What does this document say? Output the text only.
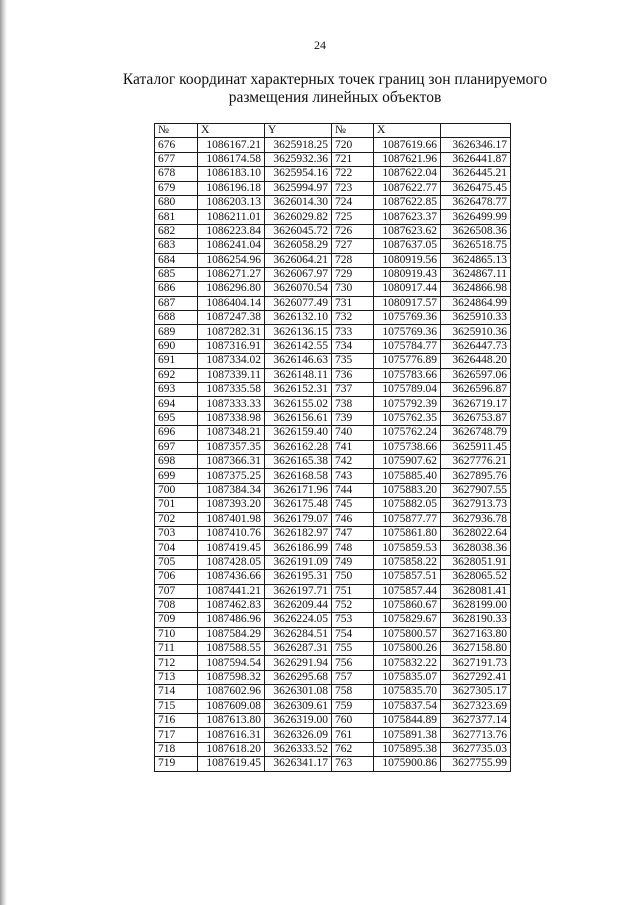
24
Каталог координат характерных точек границ зон планируемого
размещения линейных объектов
№	X	Y	№	X	
676	1086167.21	3625918.25	720	1087619.66	3626346.17
677	1086174.58	3625932.36	721	1087621.96	3626441.87
678	1086183.10	3625954.16	722	1087622.04	3626445.21
679	1086196.18	3625994.97	723	1087622.77	3626475.45
680	1086203.13	3626014.30	724	1087622.85	3626478.77
681	1086211.01	3626029.82	725	1087623.37	3626499.99
682	1086223.84	3626045.72	726	1087623.62	3626508.36
683	1086241.04	3626058.29	727	1087637.05	3626518.75
684	1086254.96	3626064.21	728	1080919.56	3624865.13
685	1086271.27	3626067.97	729	1080919.43	3624867.11
686	1086296.80	3626070.54	730	1080917.44	3624866.98
687	1086404.14	3626077.49	731	1080917.57	3624864.99
688	1087247.38	3626132.10	732	1075769.36	3625910.33
689	1087282.31	3626136.15	733	1075769.36	3625910.36
690	1087316.91	3626142.55	734	1075784.77	3626447.73
691	1087334.02	3626146.63	735	1075776.89	3626448.20
692	1087339.11	3626148.11	736	1075783.66	3626597.06
693	1087335.58	3626152.31	737	1075789.04	3626596.87
694	1087333.33	3626155.02	738	1075792.39	3626719.17
695	1087338.98	3626156.61	739	1075762.35	3626753.87
696	1087348.21	3626159.40	740	1075762.24	3626748.79
697	1087357.35	3626162.28	741	1075738.66	3625911.45
698	1087366.31	3626165.38	742	1075907.62	3627776.21
699	1087375.25	3626168.58	743	1075885.40	3627895.76
700	1087384.34	3626171.96	744	1075883.20	3627907.55
701	1087393.20	3626175.48	745	1075882.05	3627913.73
702	1087401.98	3626179.07	746	1075877.77	3627936.78
703	1087410.76	3626182.97	747	1075861.80	3628022.64
704	1087419.45	3626186.99	748	1075859.53	3628038.36
705	1087428.05	3626191.09	749	1075858.22	3628051.91
706	1087436.66	3626195.31	750	1075857.51	3628065.52
707	1087441.21	3626197.71	751	1075857.44	3628081.41
708	1087462.83	3626209.44	752	1075860.67	3628199.00
709	1087486.96	3626224.05	753	1075829.67	3628190.33
710	1087584.29	3626284.51	754	1075800.57	3627163.80
711	1087588.55	3626287.31	755	1075800.26	3627158.80
712	1087594.54	3626291.94	756	1075832.22	3627191.73
713	1087598.32	3626295.68	757	1075835.07	3627292.41
714	1087602.96	3626301.08	758	1075835.70	3627305.17
715	1087609.08	3626309.61	759	1075837.54	3627323.69
716	1087613.80	3626319.00	760	1075844.89	3627377.14
717	1087616.31	3626326.09	761	1075891.38	3627713.76
718	1087618.20	3626333.52	762	1075895.38	3627735.03
719	1087619.45	3626341.17	763	1075900.86	3627755.99
